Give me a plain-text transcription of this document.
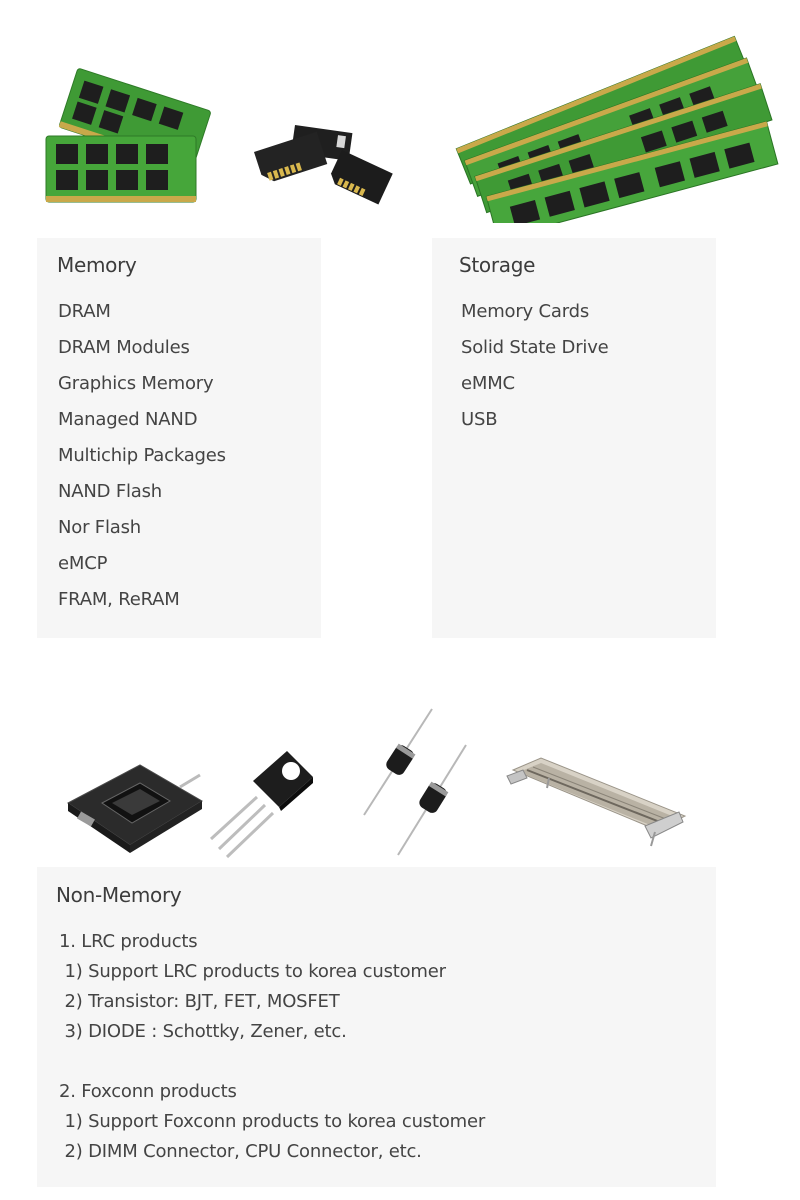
Memory
DRAM
DRAM Modules
Graphics Memory
Managed NAND
Multichip Packages
NAND Flash
Nor Flash
eMCP
FRAM, ReRAM
Storage
Memory Cards
Solid State Drive
eMMC
USB
Non-Memory
1. LRC products
1) Support LRC products to korea customer
2) Transistor: BJT, FET, MOSFET
3) DIODE : Schottky, Zener, etc.
2. Foxconn products
1) Support Foxconn products to korea customer
2) DIMM Connector, CPU Connector, etc.
